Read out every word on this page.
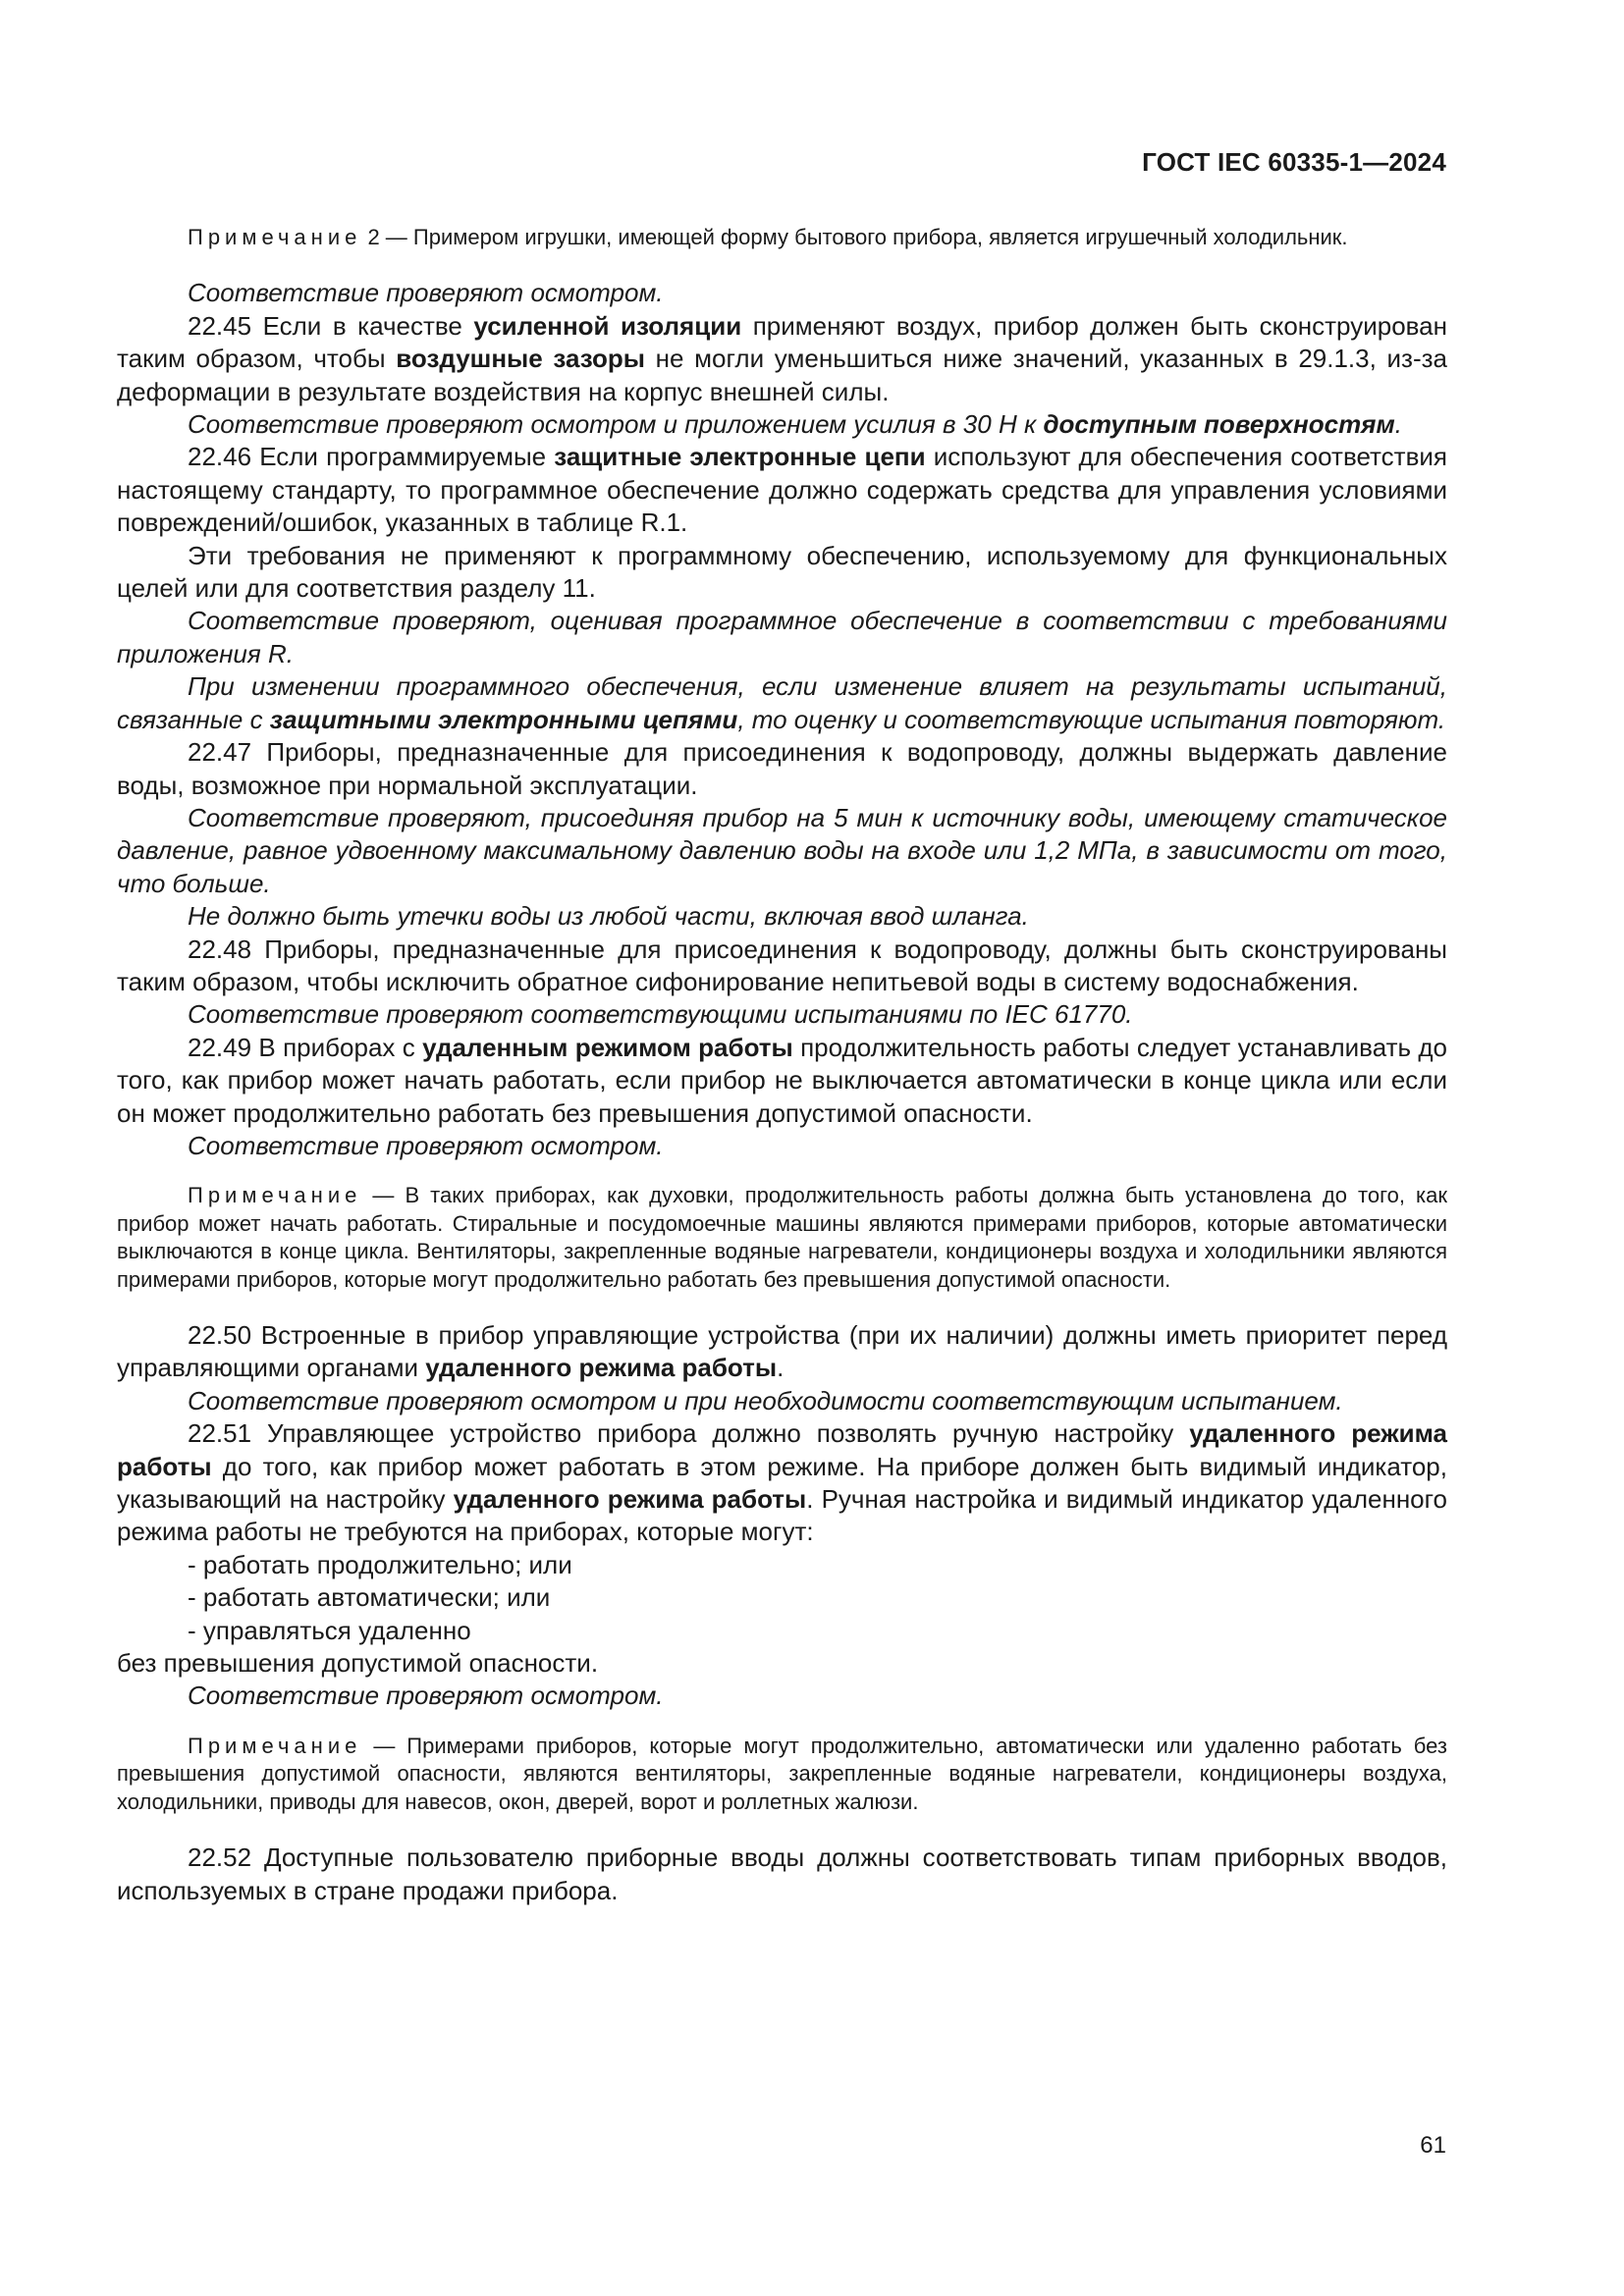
ГОСТ IEC 60335-1—2024

Примечание 2 — Примером игрушки, имеющей форму бытового прибора, является игрушечный холодильник.

Соответствие проверяют осмотром.

22.45 Если в качестве усиленной изоляции применяют воздух, прибор должен быть сконструирован таким образом, чтобы воздушные зазоры не могли уменьшиться ниже значений, указанных в 29.1.3, из-за деформации в результате воздействия на корпус внешней силы.

Соответствие проверяют осмотром и приложением усилия в 30 Н к доступным поверхностям.

22.46 Если программируемые защитные электронные цепи используют для обеспечения соответствия настоящему стандарту, то программное обеспечение должно содержать средства для управления условиями повреждений/ошибок, указанных в таблице R.1.

Эти требования не применяют к программному обеспечению, используемому для функциональных целей или для соответствия разделу 11.

Соответствие проверяют, оценивая программное обеспечение в соответствии с требованиями приложения R.

При изменении программного обеспечения, если изменение влияет на результаты испытаний, связанные с защитными электронными цепями, то оценку и соответствующие испытания повторяют.

22.47 Приборы, предназначенные для присоединения к водопроводу, должны выдержать давление воды, возможное при нормальной эксплуатации.

Соответствие проверяют, присоединяя прибор на 5 мин к источнику воды, имеющему статическое давление, равное удвоенному максимальному давлению воды на входе или 1,2 МПа, в зависимости от того, что больше.

Не должно быть утечки воды из любой части, включая ввод шланга.

22.48 Приборы, предназначенные для присоединения к водопроводу, должны быть сконструированы таким образом, чтобы исключить обратное сифонирование непитьевой воды в систему водоснабжения.

Соответствие проверяют соответствующими испытаниями по IEC 61770.

22.49 В приборах с удаленным режимом работы продолжительность работы следует устанавливать до того, как прибор может начать работать, если прибор не выключается автоматически в конце цикла или если он может продолжительно работать без превышения допустимой опасности.

Соответствие проверяют осмотром.

Примечание — В таких приборах, как духовки, продолжительность работы должна быть установлена до того, как прибор может начать работать. Стиральные и посудомоечные машины являются примерами приборов, которые автоматически выключаются в конце цикла. Вентиляторы, закрепленные водяные нагреватели, кондиционеры воздуха и холодильники являются примерами приборов, которые могут продолжительно работать без превышения допустимой опасности.

22.50 Встроенные в прибор управляющие устройства (при их наличии) должны иметь приоритет перед управляющими органами удаленного режима работы.

Соответствие проверяют осмотром и при необходимости соответствующим испытанием.

22.51 Управляющее устройство прибора должно позволять ручную настройку удаленного режима работы до того, как прибор может работать в этом режиме. На приборе должен быть видимый индикатор, указывающий на настройку удаленного режима работы. Ручная настройка и видимый индикатор удаленного режима работы не требуются на приборах, которые могут:

- работать продолжительно; или

- работать автоматически; или

- управляться удаленно

без превышения допустимой опасности.

Соответствие проверяют осмотром.

Примечание — Примерами приборов, которые могут продолжительно, автоматически или удаленно работать без превышения допустимой опасности, являются вентиляторы, закрепленные водяные нагреватели, кондиционеры воздуха, холодильники, приводы для навесов, окон, дверей, ворот и роллетных жалюзи.

22.52 Доступные пользователю приборные вводы должны соответствовать типам приборных вводов, используемых в стране продажи прибора.

61
